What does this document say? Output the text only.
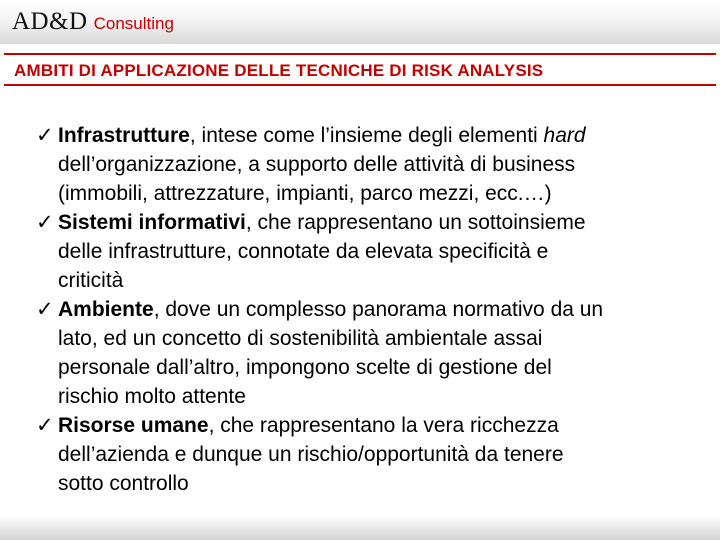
AD&D Consulting
AMBITI DI APPLICAZIONE DELLE TECNICHE DI RISK ANALYSIS
✓ Infrastrutture, intese come l’insieme degli elementi hard
dell’organizzazione, a supporto delle attività di business
(immobili, attrezzature, impianti, parco mezzi, ecc.…)
✓ Sistemi informativi, che rappresentano un sottoinsieme
delle infrastrutture, connotate da elevata specificità e
criticità
✓ Ambiente, dove un complesso panorama normativo da un
lato, ed un concetto di sostenibilità ambientale assai
personale dall’altro, impongono scelte di gestione del
rischio molto attente
✓ Risorse umane, che rappresentano la vera ricchezza
dell’azienda e dunque un rischio/opportunità da tenere
sotto controllo
